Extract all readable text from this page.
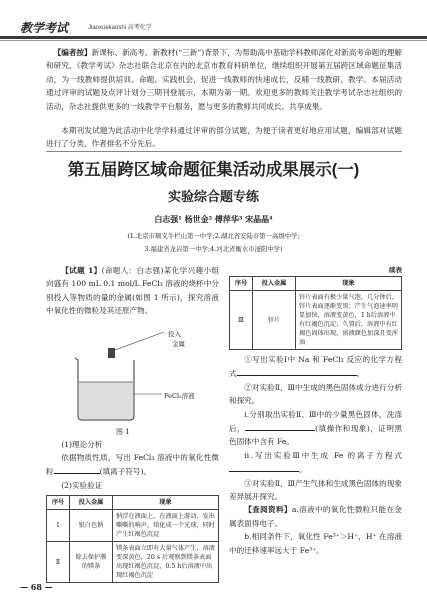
教学考试	Jiaoxuekaoshi 高考化学
【编者按】新课标、新高考、新教材(“三新”)背景下，为帮助高中基础学科教师深化对新高考命题的理解和研究，《教学考试》杂志社联合北京在内的北京市教育科研单位，继续组织开展第五届跨区域命题征集活动，为一线教师提供培训、命题、实践机会，促进一线教师的快速成长，反哺一线教研、教学。本届活动通过评审的试题及点评计划分三期刊登展示，本期为第一期。欢迎更多的教师关注教学考试杂志社组织的活动，杂志社提供更多的一线教学平台服务，愿与更多的教师共同成长、共享成果。
本期刊发试题为此活动中化学学科通过评审的部分试题，为便于读者更好地应用试题，编辑部对试题进行了分类，作者排名不分先后。
第五届跨区域命题征集活动成果展示(一)
实验综合题专练
白志强¹ 杨世金² 傅萍华³ 宋晶晶⁴
(1.北京市顺义牛栏山第一中学;2.湖北省安陆市第一高级中学;
3.福建省龙岩第一中学;4.河北省衡水市滏阳中学)

【试题 1】(命题人：白志强)某化学兴趣小组向盛有 100 mL 0.1 mol/L FeCl₃ 溶液的烧杯中分别投入等物质的量的金属(如图 1 所示)，探究溶液中氧化性的微粒及其还原产物。

投入
金属
FeCl₃溶液
图 1

(1)理论分析

依据物质性质，写出 FeCl₃ 溶液中的氧化性微粒	(填离子符号)。

(2)实验验证

序号	投入金属	现象
Ⅰ	银白色钠	钠浮在液面上，在液面上游动，发出嘶嘶的响声，熔化成一个光球，同时产生红褐色沉淀
Ⅱ	除去保护膜的镁条	镁条表面立即有大量气体产生，溶液变深黄色，20 s 后观察到镁条表面出现红褐色沉淀，0.5 h后溶液中出现红褐色沉淀
续表
序号	投入金属	现象
Ⅲ	锌片	锌片表面有极少量气泡，几分钟后，锌片表面逐渐变黑；产生气泡速率明显加快，溶液变黄色，1 h后溶液中有红褐色沉淀；久置后，溶液中有红褐色固体出现，溶液颜色加深且变浑浊

①写出实验Ⅰ中 Na 和 FeCl₃ 反应的化学方程式	。

②对实验Ⅱ、Ⅲ中生成的黑色固体成分进行分析和探究。

ⅰ.分别取出实验Ⅱ、Ⅲ中的少量黑色固体，洗涤后，	(填操作和现象)，证明黑色固体中含有 Fe。

ⅱ.写出实验Ⅲ中生成 Fe 的离子方程式。

③对实验Ⅱ、Ⅲ产生气体和生成黑色固体的现象差异展开探究。

【查阅资料】a.溶液中的氧化性微粒只能在金属表面得电子。

b.相同条件下，氧化性 Fe³⁺＞H⁺，H⁺ 在溶液中的迁移速率远大于 Fe³⁺。

— 68 —
